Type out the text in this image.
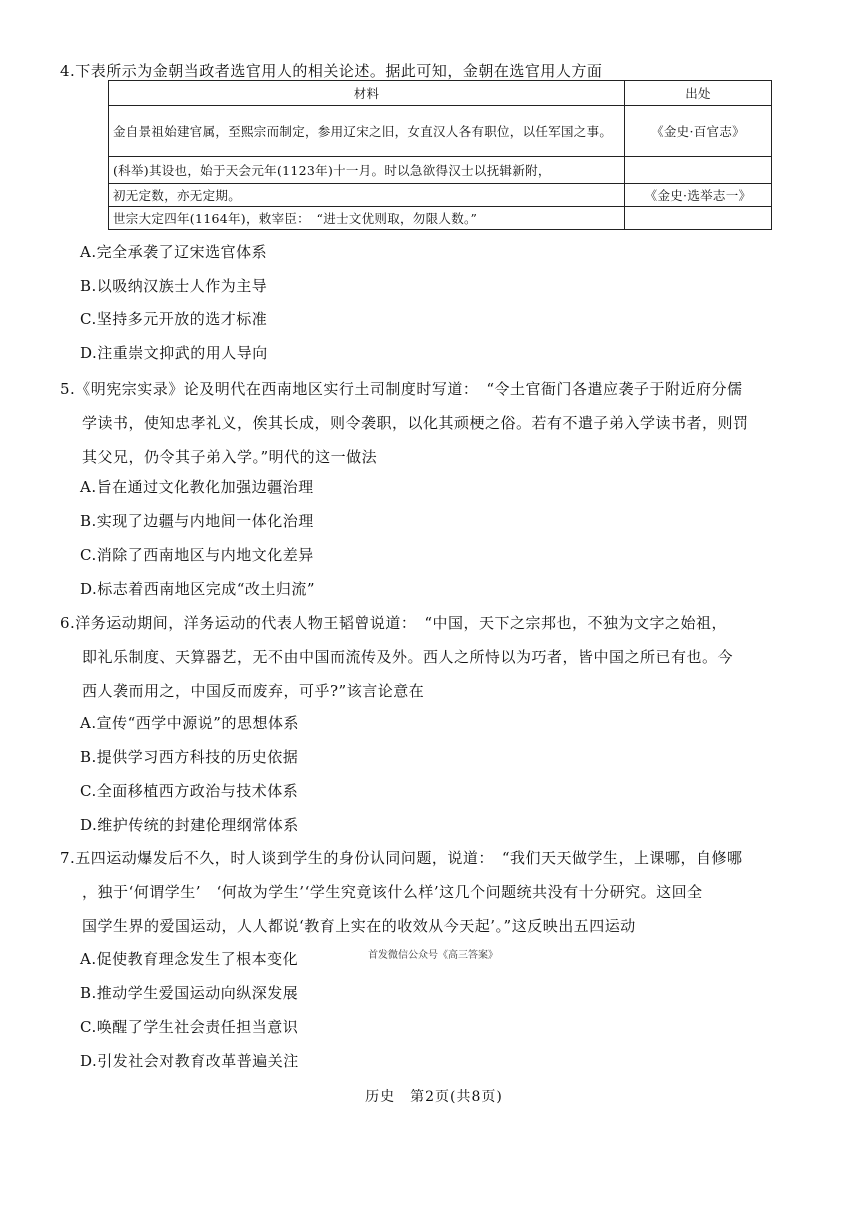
4.下表所示为金朝当政者选官用人的相关论述。据此可知，金朝在选官用人方面
材料	出处
金自景祖始建官属，至熙宗而制定，参用辽宋之旧，女直汉人各有职位，以任军国之事。	《金史·百官志》
(科举)其设也，始于天会元年(1123年)十一月。时以急欲得汉士以抚辑新附，	
初无定数，亦无定期。	《金史·选举志一》
世宗大定四年(1164年)，敕宰臣：　“进士文优则取，勿限人数。”	
A.完全承袭了辽宋选官体系
B.以吸纳汉族士人作为主导
C.坚持多元开放的选才标准
D.注重崇文抑武的用人导向
5.《明宪宗实录》论及明代在西南地区实行土司制度时写道：　“令土官衙门各遣应袭子于附近府分儒
学读书，使知忠孝礼义，俟其长成，则令袭职，以化其顽梗之俗。若有不遣子弟入学读书者，则罚
其父兄，仍令其子弟入学。”明代的这一做法
A.旨在通过文化教化加强边疆治理
B.实现了边疆与内地间一体化治理
C.消除了西南地区与内地文化差异
D.标志着西南地区完成“改土归流”
6.洋务运动期间，洋务运动的代表人物王韬曾说道：　“中国，天下之宗邦也，不独为文字之始祖，
即礼乐制度、天算器艺，无不由中国而流传及外。西人之所恃以为巧者，皆中国之所已有也。今
西人袭而用之，中国反而废弃，可乎?”该言论意在
A.宣传“西学中源说”的思想体系
B.提供学习西方科技的历史依据
C.全面移植西方政治与技术体系
D.维护传统的封建伦理纲常体系
7.五四运动爆发后不久，时人谈到学生的身份认同问题，说道：　“我们天天做学生，上课哪，自修哪
，独于‘何谓学生’　‘何故为学生’‘学生究竟该什么样’这几个问题统共没有十分研究。这回全
国学生界的爱国运动，人人都说‘教育上实在的收效从今天起’。”这反映出五四运动
首发微信公众号《高三答案》
A.促使教育理念发生了根本变化
B.推动学生爱国运动向纵深发展
C.唤醒了学生社会责任担当意识
D.引发社会对教育改革普遍关注
历史　第2页(共8页)
